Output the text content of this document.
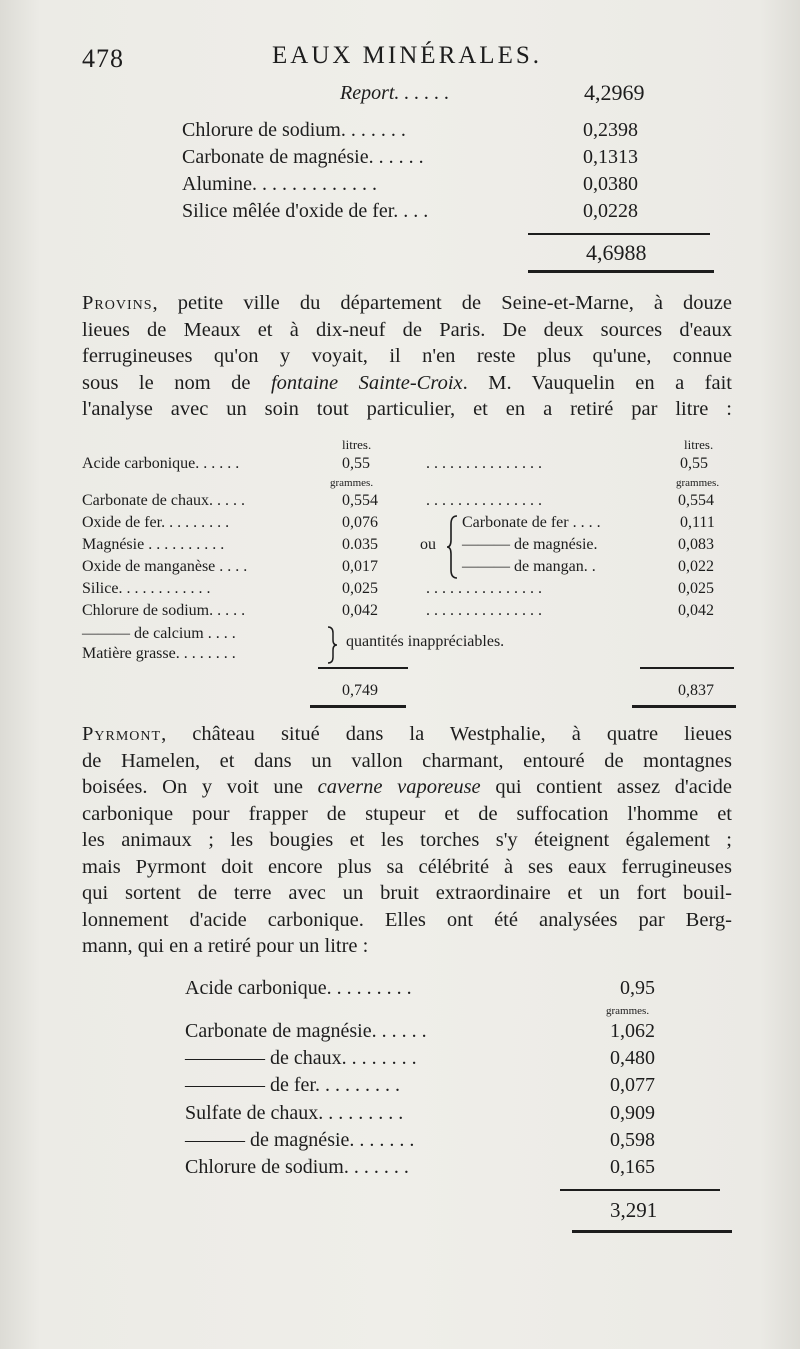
478	EAUX MINÉRALES.
Report. . . . . .	4,2969
Chlorure de sodium. . . . . . .	0,2398
Carbonate de magnésie. . . . . .	0,1313
Alumine. . . . . . . . . . . . .	0,0380
Silice mêlée d'oxide de fer. . . .	0,0228
4,6988
Provins, petite ville du département de Seine-et-Marne, à douze
lieues de Meaux et à dix-neuf de Paris. De deux sources d'eaux
ferrugineuses qu'on y voyait, il n'en reste plus qu'une, connue
sous le nom de fontaine Sainte-Croix. M. Vauquelin en a fait
l'analyse avec un soin tout particulier, et en a retiré par litre :
litres.	litres.
Acide carbonique. . . . . .	0,55	. . . . . . . . . . . . . . .	0,55
grammes.	grammes.
Carbonate de chaux. . . . .	0,554	. . . . . . . . . . . . . . .	0,554
Oxide de fer. . . . . . . . .	0,076	Carbonate de fer . . . .	0,111
Magnésie . . . . . . . . . .	0.035	ou ——— de magnésie.	0,083
Oxide de manganèse . . . .	0,017	——— de mangan. .	0,022
Silice. . . . . . . . . . . .	0,025	. . . . . . . . . . . . . . .	0,025
Chlorure de sodium. . . . .	0,042	. . . . . . . . . . . . . . .	0,042
——— de calcium . . . .
Matière grasse. . . . . . . .
quantités inappréciables.
0,749	0,837
Pyrmont, château situé dans la Westphalie, à quatre lieues
de Hamelen, et dans un vallon charmant, entouré de montagnes
boisées. On y voit une caverne vaporeuse qui contient assez d'acide
carbonique pour frapper de stupeur et de suffocation l'homme et
les animaux ; les bougies et les torches s'y éteignent également ;
mais Pyrmont doit encore plus sa célébrité à ses eaux ferrugineuses
qui sortent de terre avec un bruit extraordinaire et un fort bouil-
lonnement d'acide carbonique. Elles ont été analysées par Berg-
mann, qui en a retiré pour un litre :
Acide carbonique. . . . . . . . .	0,95
grammes.
Carbonate de magnésie. . . . . .	1,062
———— de chaux. . . . . . . .	0,480
———— de fer. . . . . . . . .	0,077
Sulfate de chaux. . . . . . . . .	0,909
——— de magnésie. . . . . . .	0,598
Chlorure de sodium. . . . . . .	0,165
3,291
